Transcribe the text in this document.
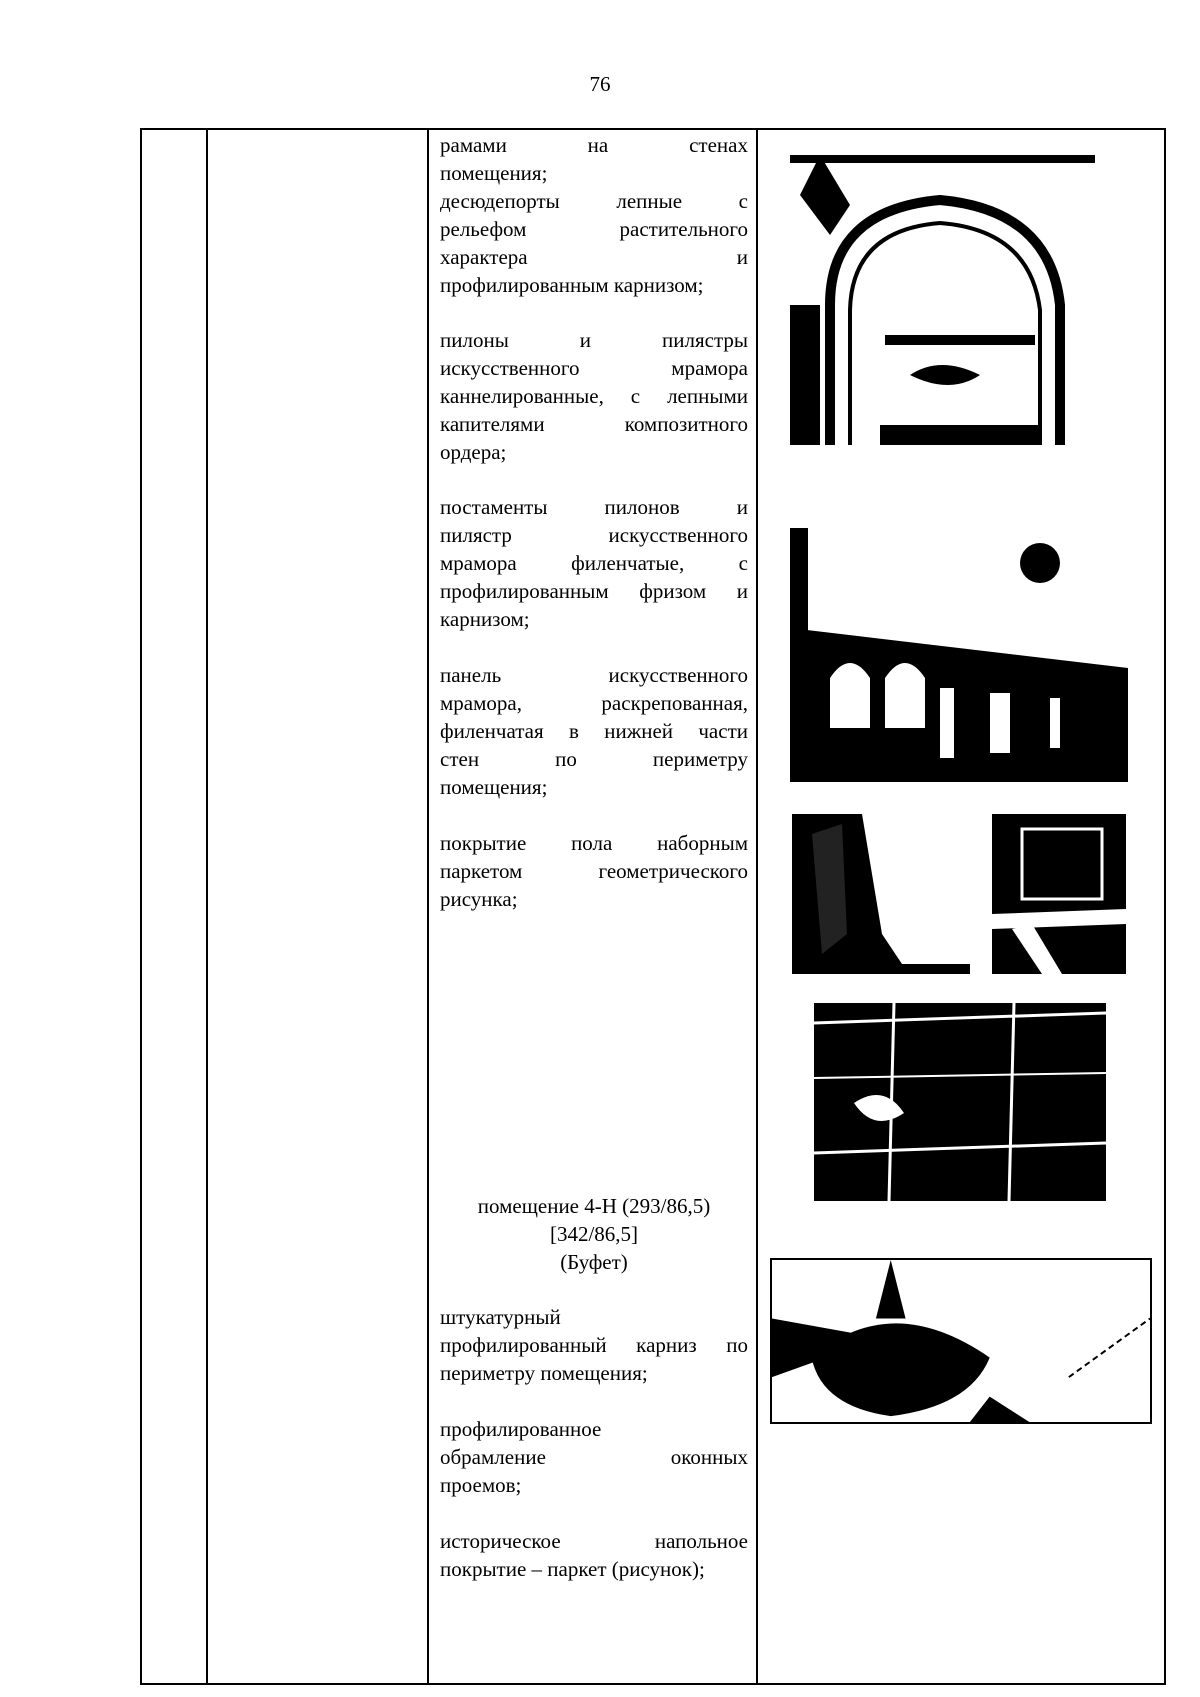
76
рамами на стенах
помещения;
десюдепорты лепные с
рельефом растительного
характера и
профилированным карнизом;
пилоны и пилястры
искусственного мрамора
каннелированные, с лепными
капителями композитного
ордера;
постаменты пилонов и
пилястр искусственного
мрамора филенчатые, с
профилированным фризом и
карнизом;
панель искусственного
мрамора, раскрепованная,
филенчатая в нижней части
стен по периметру
помещения;
покрытие пола наборным
паркетом геометрического
рисунка;
помещение 4-Н (293/86,5)
[342/86,5]
(Буфет)
штукатурный
профилированный карниз по
периметру помещения;
профилированное
обрамление оконных
проемов;
историческое напольное
покрытие – паркет (рисунок);
